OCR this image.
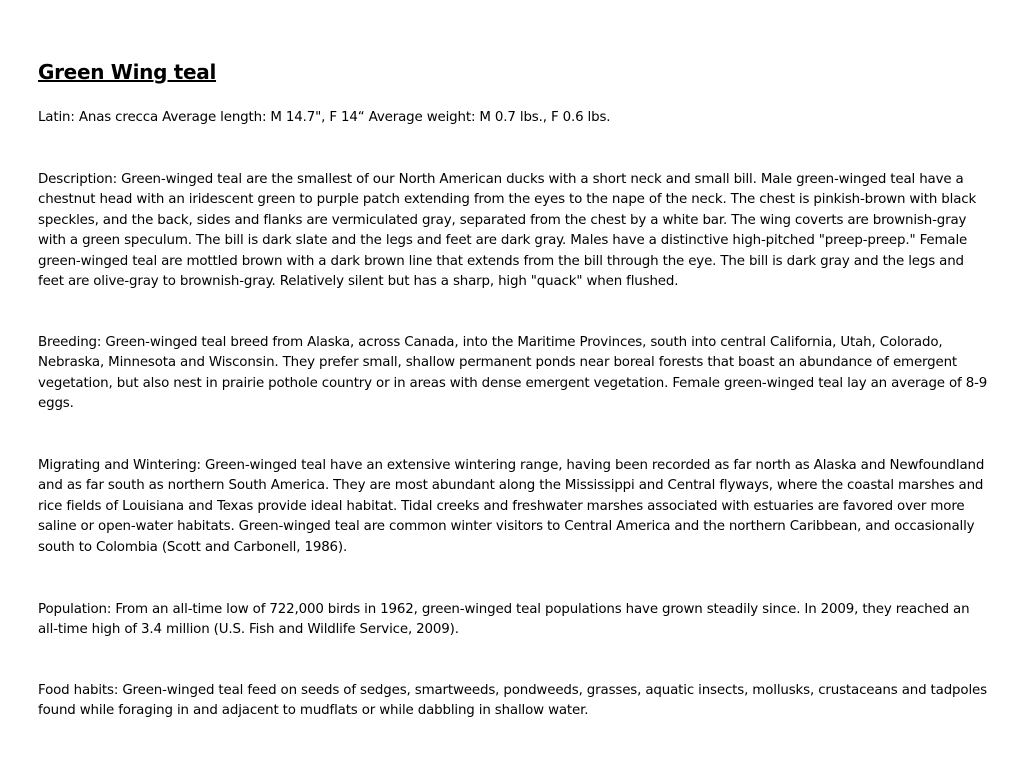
Green Wing teal

Latin: Anas crecca Average length: M 14.7", F 14“ Average weight: M 0.7 lbs., F 0.6 lbs.

Description: Green-winged teal are the smallest of our North American ducks with a short neck and small bill. Male green-winged teal have a chestnut head with an iridescent green to purple patch extending from the eyes to the nape of the neck. The chest is pinkish-brown with black speckles, and the back, sides and flanks are vermiculated gray, separated from the chest by a white bar. The wing coverts are brownish-gray with a green speculum. The bill is dark slate and the legs and feet are dark gray. Males have a distinctive high-pitched "preep-preep." Female green-winged teal are mottled brown with a dark brown line that extends from the bill through the eye. The bill is dark gray and the legs and feet are olive-gray to brownish-gray. Relatively silent but has a sharp, high "quack" when flushed.

Breeding: Green-winged teal breed from Alaska, across Canada, into the Maritime Provinces, south into central California, Utah, Colorado, Nebraska, Minnesota and Wisconsin. They prefer small, shallow permanent ponds near boreal forests that boast an abundance of emergent vegetation, but also nest in prairie pothole country or in areas with dense emergent vegetation. Female green-winged teal lay an average of 8-9 eggs.

Migrating and Wintering: Green-winged teal have an extensive wintering range, having been recorded as far north as Alaska and Newfoundland and as far south as northern South America. They are most abundant along the Mississippi and Central flyways, where the coastal marshes and rice fields of Louisiana and Texas provide ideal habitat. Tidal creeks and freshwater marshes associated with estuaries are favored over more saline or open-water habitats. Green-winged teal are common winter visitors to Central America and the northern Caribbean, and occasionally south to Colombia (Scott and Carbonell, 1986).

Population: From an all-time low of 722,000 birds in 1962, green-winged teal populations have grown steadily since. In 2009, they reached an all-time high of 3.4 million (U.S. Fish and Wildlife Service, 2009).

Food habits: Green-winged teal feed on seeds of sedges, smartweeds, pondweeds, grasses, aquatic insects, mollusks, crustaceans and tadpoles found while foraging in and adjacent to mudflats or while dabbling in shallow water.
